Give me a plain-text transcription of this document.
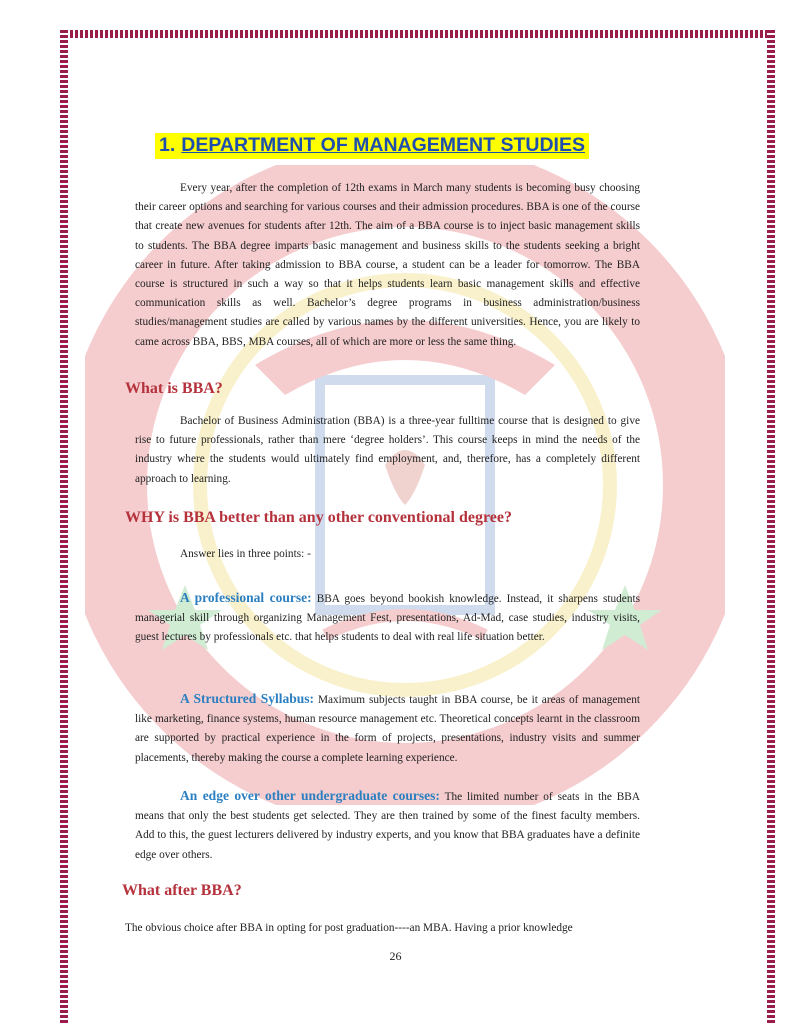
1. DEPARTMENT OF MANAGEMENT STUDIES

Every year, after the completion of 12th exams in March many students is becoming busy choosing their career options and searching for various courses and their admission procedures. BBA is one of the course that create new avenues for students after 12th. The aim of a BBA course is to inject basic management skills to students. The BBA degree imparts basic management and business skills to the students seeking a bright career in future. After taking admission to BBA course, a student can be a leader for tomorrow. The BBA course is structured in such a way so that it helps students learn basic management skills and effective communication skills as well. Bachelor’s degree programs in business administration/business studies/management studies are called by various names by the different universities. Hence, you are likely to came across BBA, BBS, MBA courses, all of which are more or less the same thing.

What is BBA?

Bachelor of Business Administration (BBA) is a three-year fulltime course that is designed to give rise to future professionals, rather than mere ‘degree holders’. This course keeps in mind the needs of the industry where the students would ultimately find employment, and, therefore, has a completely different approach to learning.

WHY is BBA better than any other conventional degree?

Answer lies in three points: -

A professional course: BBA goes beyond bookish knowledge. Instead, it sharpens students managerial skill through organizing Management Fest, presentations, Ad-Mad, case studies, industry visits, guest lectures by professionals etc. that helps students to deal with real life situation better.

A Structured Syllabus: Maximum subjects taught in BBA course, be it areas of management like marketing, finance systems, human resource management etc. Theoretical concepts learnt in the classroom are supported by practical experience in the form of projects, presentations, industry visits and summer placements, thereby making the course a complete learning experience.

An edge over other undergraduate courses: The limited number of seats in the BBA means that only the best students get selected. They are then trained by some of the finest faculty members. Add to this, the guest lecturers delivered by industry experts, and you know that BBA graduates have a definite edge over others.

What after BBA?

The obvious choice after BBA in opting for post graduation----an MBA. Having a prior knowledge

26
